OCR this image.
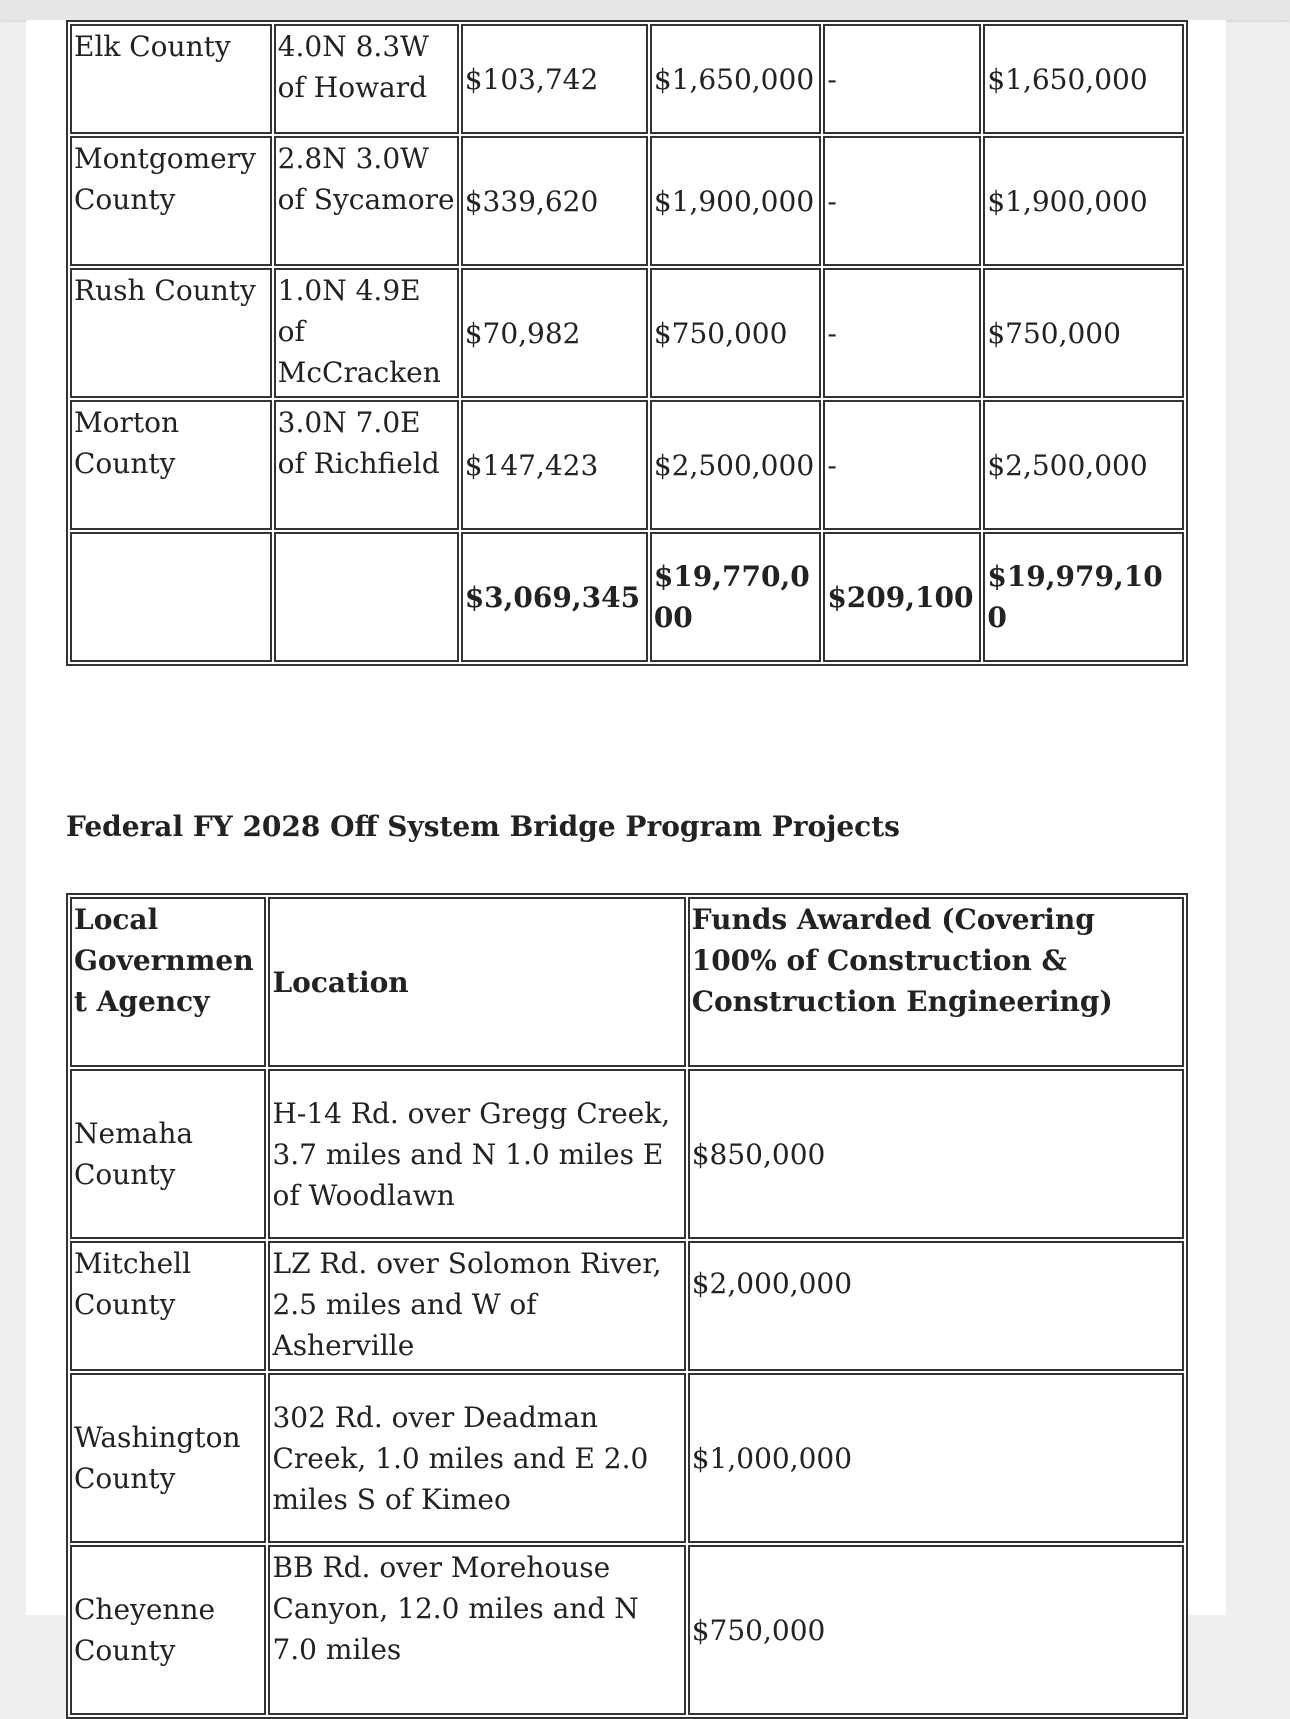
Elk County	4.0N 8.3W of Howard	$103,742	$1,650,000	-	$1,650,000
Montgomery County	2.8N 3.0W of Sycamore	$339,620	$1,900,000	-	$1,900,000
Rush County	1.0N 4.9E of McCracken	$70,982	$750,000	-	$750,000
Morton County	3.0N 7.0E of Richfield	$147,423	$2,500,000	-	$2,500,000
		$3,069,345	$19,770,000	$209,100	$19,979,100
Federal FY 2028 Off System Bridge Program Projects
Local Government Agency	Location	Funds Awarded (Covering 100% of Construction & Construction Engineering)
Nemaha County	H-14 Rd. over Gregg Creek, 3.7 miles and N 1.0 miles E of Woodlawn	$850,000
Mitchell County	LZ Rd. over Solomon River, 2.5 miles and W of Asherville	$2,000,000
Washington County	302 Rd. over Deadman Creek, 1.0 miles and E 2.0 miles S of Kimeo	$1,000,000
Cheyenne County	BB Rd. over Morehouse Canyon, 12.0 miles and N 7.0 miles	$750,000
